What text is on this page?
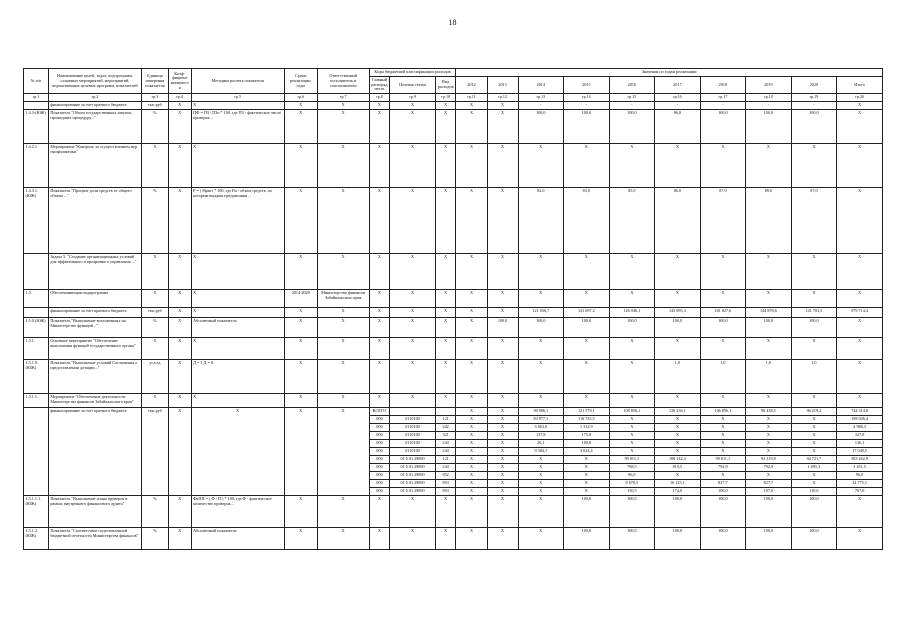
18
№ п/п	Наименование целей, задач, подпрограмм, основных мероприятий, мероприятий, ведомственных целевых программ, показателей	Единица измерения показателя	Коэф-фициент значимости	Методика расчета показателя	Сроки реализации, годы	Ответственный исполнитель и соисполнители	Коды бюджетной классификации расходов			Значения по годам реализации									
							Главный распорядитель	Целевая статья	Вид расходов	2012	2013	2014	2015	2016	2017	2018	2019	2020	Итого
гр.1	гр.2	гр.3	гр.4	гр.5	гр.6	гр.7	гр.8	гр.9	гр.10	гр.11	гр.12	гр.13	гр.14	гр.15	гр.16	гр.17	гр.18	гр.19	гр.20
	финансирование за счет краевого бюджета	тыс.руб	Х	Х	Х	Х	Х	Х	Х	Х	Х	-	-	-	-	-	-	-	Х
1.4.3-(ЮЖ)	Показатель "Объем государственных закупок, прошедших процедуру..."	%	Х	ПФ = ПЗ / ПЗо * 100, где ПЗ - фактическое число проверок...	Х	Х	Х	Х	Х	Х	Х	100,0	100,0	100,0	96,0	100,0	100,0	100,0	Х
1.4.2.1.	Мероприятие "Контроль за осуществлением мер профилактики"	Х	Х	Х	Х	Х	Х	Х	Х	Х	Х	Х	Х	Х	Х	Х	Х	Х	Х
1.4.3.1.(ЮЖ)	Показатель "Процент доли средств от общего объема ..."	%	Х	Р = ( Рфакт * 100, где Рн - объем средств, по которым выданы предписания ...	Х	Х	Х	Х	Х	Х	Х	82,0	83,0	85,0	86,0	87,0	89,0	87,0	Х
	Задача 5. "Создание организационных условий для эффективного и прозрачного управления ..."	Х	Х	Х	Х	Х	Х	Х	Х	Х	Х	Х	Х	Х	Х	Х	Х	Х	Х
1.5.	Обеспечивающая подпрограмма	Х	Х	Х	2014-2020	Министерство финансов Забайкальского края	Х	Х	Х	Х	Х	Х	Х	Х	Х	Х	Х	Х	Х
	финансирование за счет краевого бюджета	тыс.руб	Х	Х	Х	Х	Х	Х	Х	Х	Х	121 036,7	141 097,2	126 046,1	143 095,3	161 827,6	144 878,6	141 703,5	979 714,4
1.5.0.(ЮЖ)	Показатель "Выполнение возложенных на Министерство функций..."	%	Х	Абсолютный показатель	Х	Х	Х	Х	Х	Х	100,0	100,0	100,0	100,0	100,0	100,0	100,0	100,0	Х
1.5.1.	Основное мероприятие "Обеспечение выполнения функций государственного органа"	Х	Х	Х	Х	Х	Х	Х	Х	Х	Х	Х	Х	Х	Х	Х	Х	Х	Х
1.5.1.0.(ЮЖ)	Показатель "Выполнение условий Соглашения о предоставлении дотации..."	усл.ед	Х	Д = 1 Д = 0	Х	Х	Х	Х	Х	Х	Х	Х	Х	Х	1,0	1,0	1,0	1,0	Х
1.5.1.1.	Мероприятие "Обеспечение деятельности Министерства финансов Забайкальского края"	Х	Х	Х	Х	Х	Х	Х	Х	Х	Х	Х	Х	Х	Х	Х	Х	Х	Х
	финансирование за счет краевого бюджета	тыс.руб	Х	Х	Х	Х	ВСЕГО			Х	Х	99 986,1	121 579,1	108 856,1	126 236,1	106 856,1	96 438,5	96 219,2	744 314,8
							006	0110100	121	Х	Х	83 977,1	116 735,5	Х	Х	Х	Х	Х	198 046,4
							006	0110100	242	Х	Х	3 663,0	1 312,9	Х	Х	Х	Х	Х	4 988,3
							006	0110100	321	Х	Х	137,8	175,8	Х	Х	Х	Х	Х	327,8
							006	0110100	244	Х	Х	26,1	100,0	Х	Х	Х	Х	Х	136,1
							006	0110100	244	Х	Х	9 384,1	3 024,4	Х	Х	Х	Х	Х	17 048,5
							006	01 5 01 29890	121	Х	Х	Х	Х	99 011,1	100 142,4	99 011,1	94 319,8	94 721,7	583 262,9
							006	01 5 01 29890	244	Х	Х	Х	Х	768,5	819,5	792,9	792,9	1 095,3	3 451,5
							006	01 5 01 29890	852	Х	Х	Х	Х	96,0	Х	Х	Х	Х	96,0
							006	01 5 01 29890	853	Х	Х	Х	Х	8 678,5	16 125,1	827,7	827,7	Х	34 775,1
							006	01 5 01 29890	853	Х	Х	Х	Х	150,5	174,0	106,0	107,0	110,0	767,6
1.5.1.1.1.(ЮЖ)	Показатель "Выполнение плана проверок в рамках внутреннего финансового аудита"	%	Х	ФкПП = ( Ф / П ) * 100, где Ф - фактическое количество проверок...	Х	Х	Х	Х	Х	Х	Х	Х	100,0	100,0	100,0	100,0	100,0	100,0	Х
1.5.1.2.(ЮЖ)	Показатель "Соответствие подготовленной бюджетной отчетности Министерства финансов"	%	Х	Абсолютный показатель	Х	Х	Х	Х	Х	Х	Х	Х	100,0	100,0	100,0	100,0	100,0	100,0	Х
